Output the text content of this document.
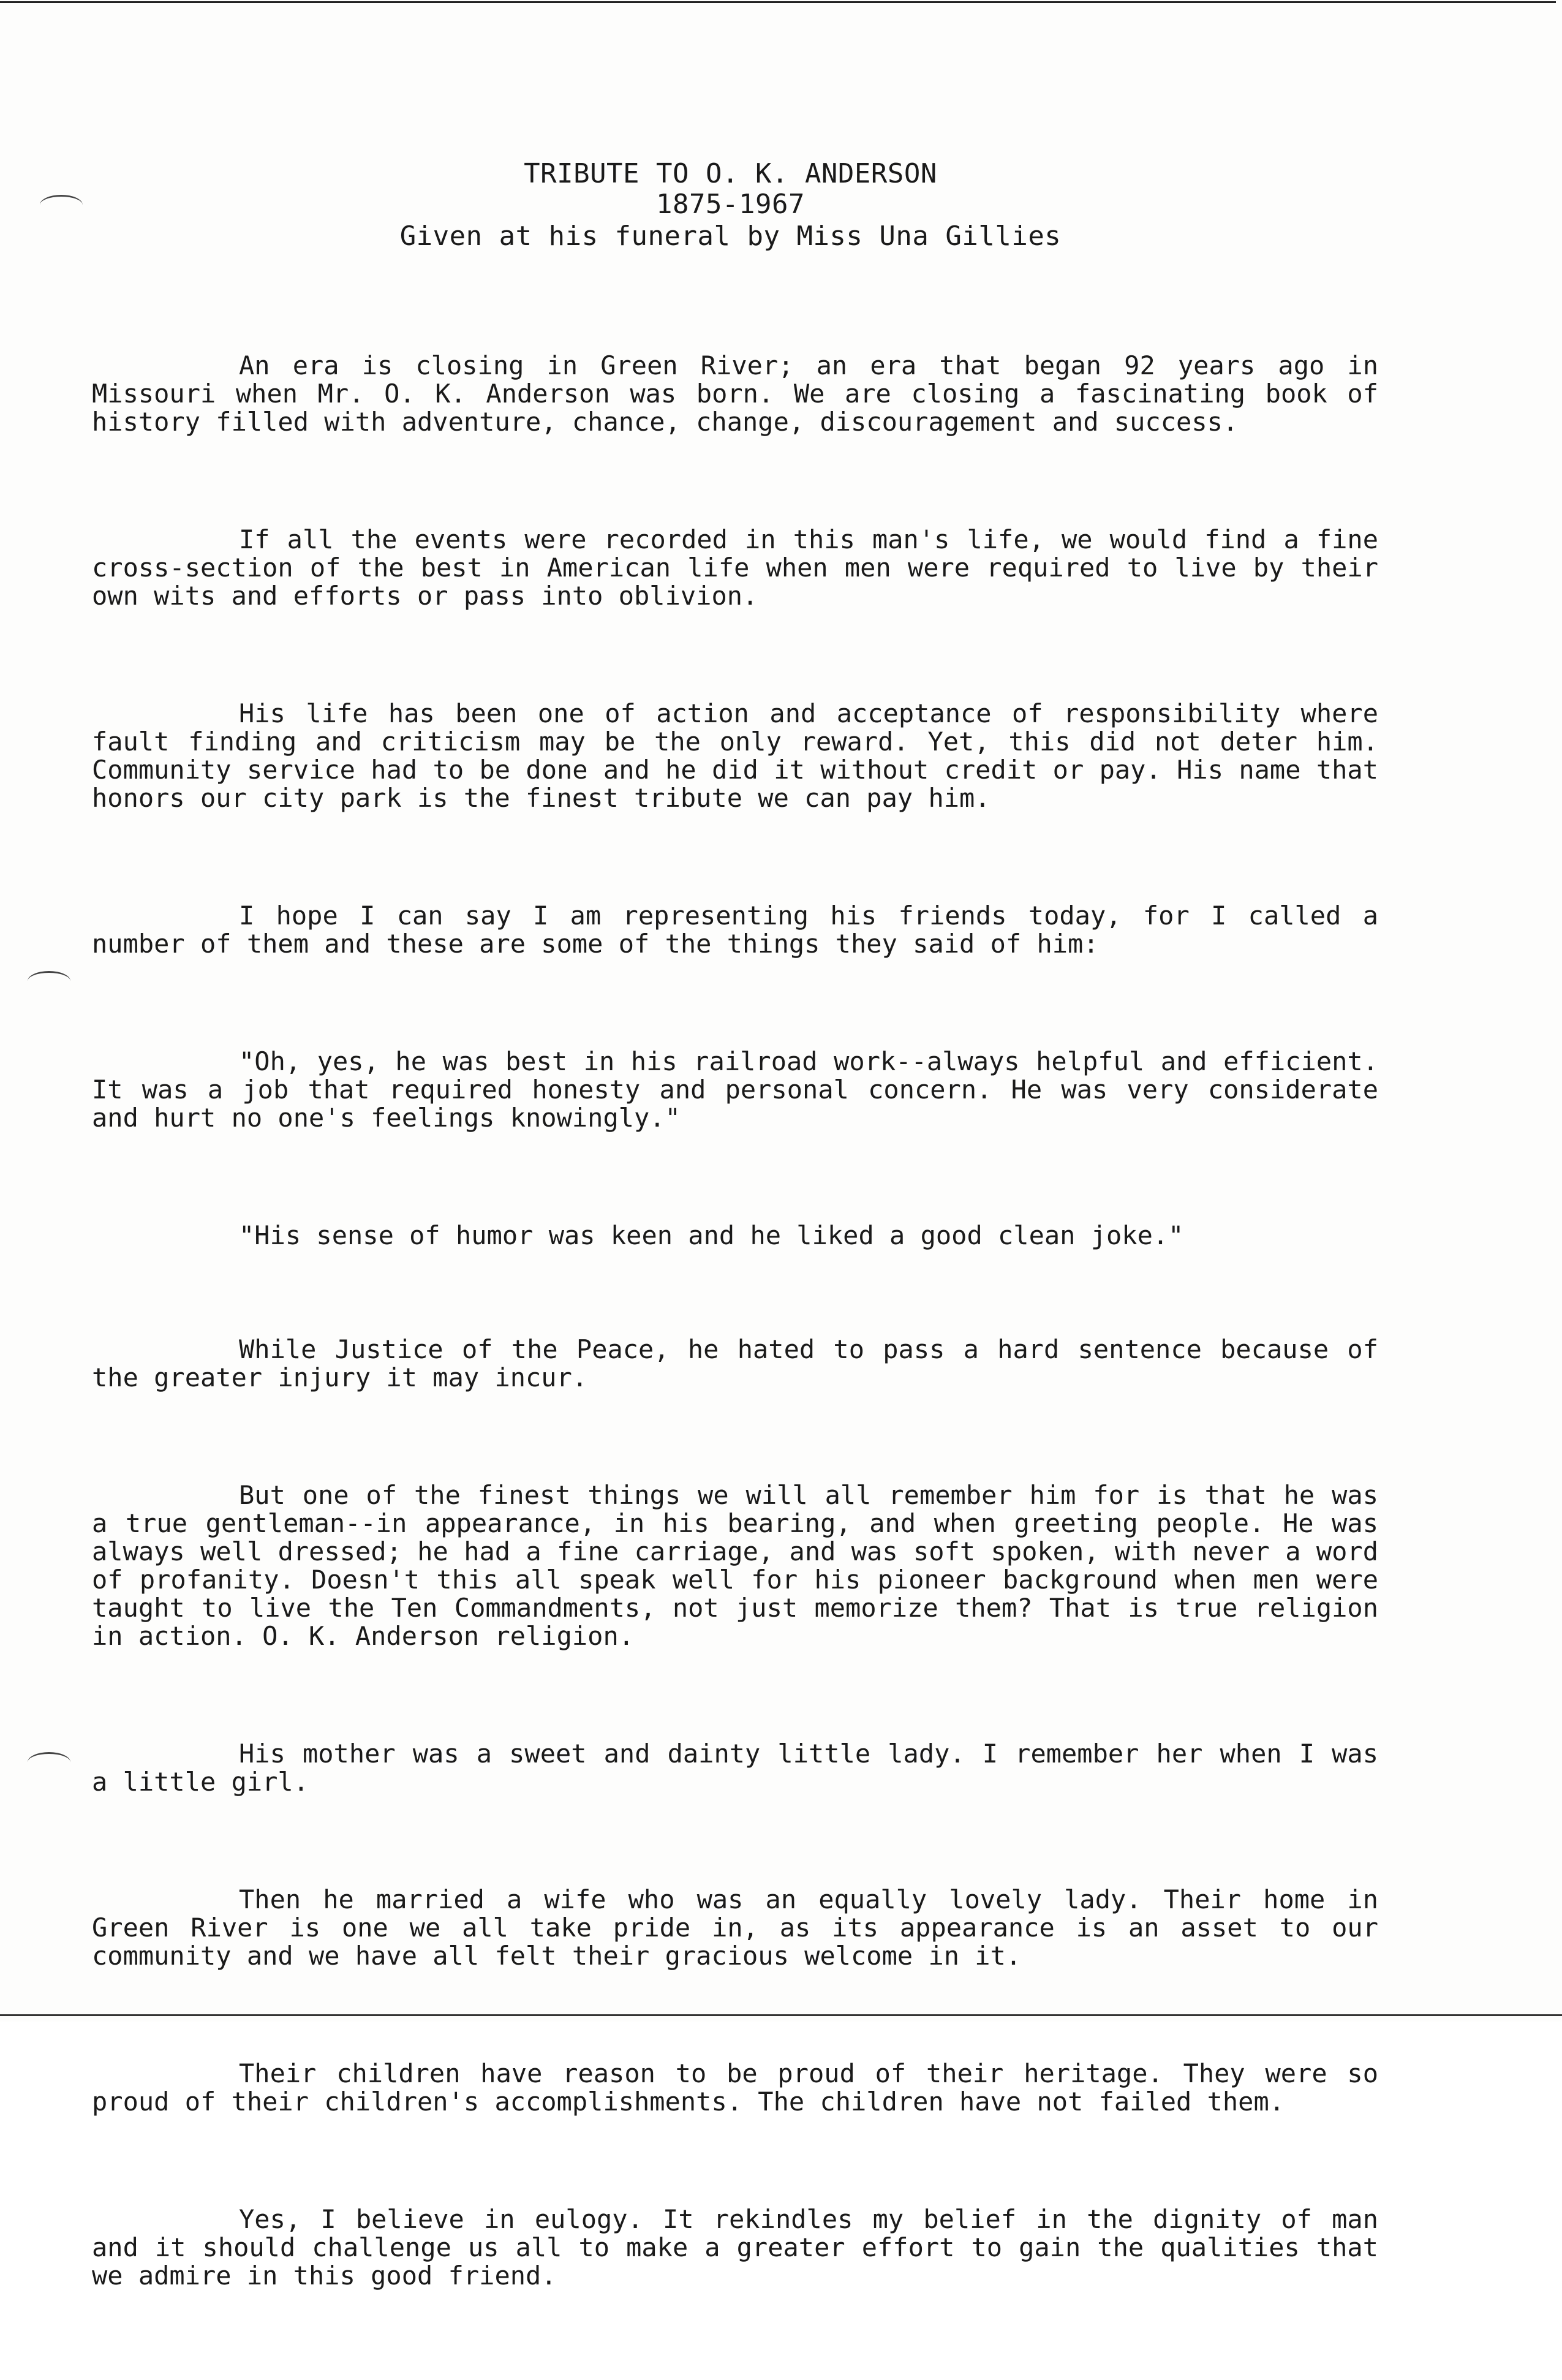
TRIBUTE TO O. K. ANDERSON
1875-1967
Given at his funeral by Miss Una Gillies

An era is closing in Green River; an era that began 92 years ago in Missouri when Mr. O. K. Anderson was born. We are closing a fascinating book of history filled with adventure, chance, change, discouragement and success.

If all the events were recorded in this man's life, we would find a fine cross-section of the best in American life when men were required to live by their own wits and efforts or pass into oblivion.

His life has been one of action and acceptance of responsibility where fault finding and criticism may be the only reward. Yet, this did not deter him. Community service had to be done and he did it without credit or pay. His name that honors our city park is the finest tribute we can pay him.

I hope I can say I am representing his friends today, for I called a number of them and these are some of the things they said of him:

"Oh, yes, he was best in his railroad work--always helpful and efficient. It was a job that required honesty and personal concern. He was very considerate and hurt no one's feelings knowingly."

"His sense of humor was keen and he liked a good clean joke."

While Justice of the Peace, he hated to pass a hard sentence because of the greater injury it may incur.

But one of the finest things we will all remember him for is that he was a true gentleman--in appearance, in his bearing, and when greeting people. He was always well dressed; he had a fine carriage, and was soft spoken, with never a word of profanity. Doesn't this all speak well for his pioneer background when men were taught to live the Ten Commandments, not just memorize them? That is true religion in action. O. K. Anderson religion.

His mother was a sweet and dainty little lady. I remember her when I was a little girl.

Then he married a wife who was an equally lovely lady. Their home in Green River is one we all take pride in, as its appearance is an asset to our community and we have all felt their gracious welcome in it.

Their children have reason to be proud of their heritage. They were so proud of their children's accomplishments. The children have not failed them.

Yes, I believe in eulogy. It rekindles my belief in the dignity of man and it should challenge us all to make a greater effort to gain the qualities that we admire in this good friend.
